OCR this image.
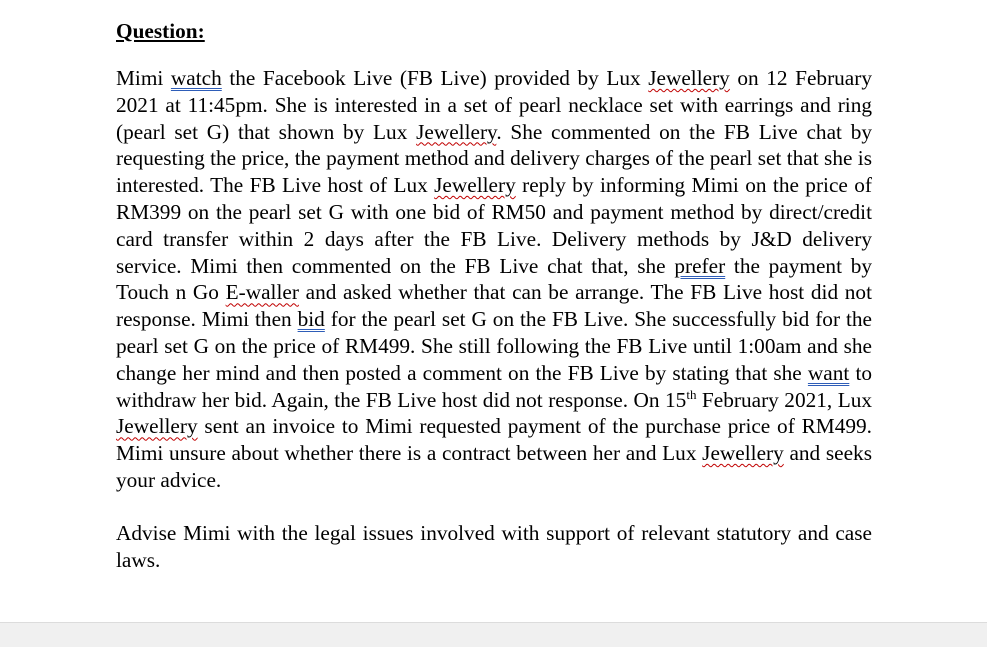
Question:

Mimi watch the Facebook Live (FB Live) provided by Lux Jewellery on 12 February 2021 at 11:45pm. She is interested in a set of pearl necklace set with earrings and ring (pearl set G) that shown by Lux Jewellery. She commented on the FB Live chat by requesting the price, the payment method and delivery charges of the pearl set that she is interested. The FB Live host of Lux Jewellery reply by informing Mimi on the price of RM399 on the pearl set G with one bid of RM50 and payment method by direct/credit card transfer within 2 days after the FB Live. Delivery methods by J&D delivery service. Mimi then commented on the FB Live chat that, she prefer the payment by Touch n Go E-waller and asked whether that can be arrange. The FB Live host did not response. Mimi then bid for the pearl set G on the FB Live. She successfully bid for the pearl set G on the price of RM499. She still following the FB Live until 1:00am and she change her mind and then posted a comment on the FB Live by stating that she want to withdraw her bid. Again, the FB Live host did not response. On 15th February 2021, Lux Jewellery sent an invoice to Mimi requested payment of the purchase price of RM499. Mimi unsure about whether there is a contract between her and Lux Jewellery and seeks your advice.

Advise Mimi with the legal issues involved with support of relevant statutory and case laws.
